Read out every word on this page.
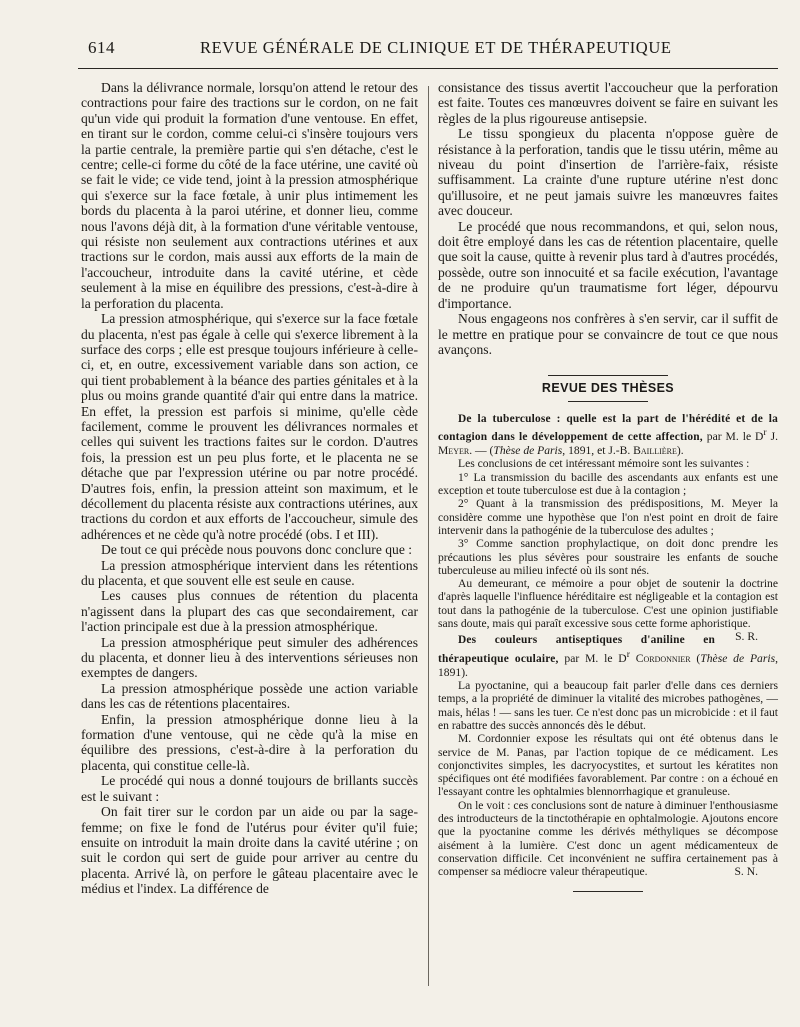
614	REVUE GÉNÉRALE DE CLINIQUE ET DE THÉRAPEUTIQUE

Dans la délivrance normale, lorsqu'on attend le retour des contractions pour faire des tractions sur le cordon, on ne fait qu'un vide qui produit la formation d'une ventouse. En effet, en tirant sur le cordon, comme celui-ci s'insère toujours vers la partie centrale, la première partie qui s'en détache, c'est le centre; celle-ci forme du côté de la face utérine, une cavité où se fait le vide; ce vide tend, joint à la pression atmosphérique qui s'exerce sur la face fœtale, à unir plus intimement les bords du placenta à la paroi utérine, et donner lieu, comme nous l'avons déjà dit, à la formation d'une véritable ventouse, qui résiste non seulement aux contractions utérines et aux tractions sur le cordon, mais aussi aux efforts de la main de l'accoucheur, introduite dans la cavité utérine, et cède seulement à la mise en équilibre des pressions, c'est-à-dire à la perforation du placenta.

La pression atmosphérique, qui s'exerce sur la face fœtale du placenta, n'est pas égale à celle qui s'exerce librement à la surface des corps ; elle est presque toujours inférieure à celle-ci, et, en outre, excessivement variable dans son action, ce qui tient probablement à la béance des parties génitales et à la plus ou moins grande quantité d'air qui entre dans la matrice. En effet, la pression est parfois si minime, qu'elle cède facilement, comme le prouvent les délivrances normales et celles qui suivent les tractions faites sur le cordon. D'autres fois, la pression est un peu plus forte, et le placenta ne se détache que par l'expression utérine ou par notre procédé. D'autres fois, enfin, la pression atteint son maximum, et le décollement du placenta résiste aux contractions utérines, aux tractions du cordon et aux efforts de l'accoucheur, simule des adhérences et ne cède qu'à notre procédé (obs. I et III).

De tout ce qui précède nous pouvons donc conclure que :

La pression atmosphérique intervient dans les rétentions du placenta, et que souvent elle est seule en cause.

Les causes plus connues de rétention du placenta n'agissent dans la plupart des cas que secondairement, car l'action principale est due à la pression atmosphérique.

La pression atmosphérique peut simuler des adhérences du placenta, et donner lieu à des interventions sérieuses non exemptes de dangers.

La pression atmosphérique possède une action variable dans les cas de rétentions placentaires.

Enfin, la pression atmosphérique donne lieu à la formation d'une ventouse, qui ne cède qu'à la mise en équilibre des pressions, c'est-à-dire à la perforation du placenta, qui constitue celle-là.

Le procédé qui nous a donné toujours de brillants succès est le suivant :

On fait tirer sur le cordon par un aide ou par la sage-femme; on fixe le fond de l'utérus pour éviter qu'il fuie; ensuite on introduit la main droite dans la cavité utérine ; on suit le cordon qui sert de guide pour arriver au centre du placenta. Arrivé là, on perfore le gâteau placentaire avec le médius et l'index. La différence de

consistance des tissus avertit l'accoucheur que la perforation est faite. Toutes ces manœuvres doivent se faire en suivant les règles de la plus rigoureuse antisepsie.

Le tissu spongieux du placenta n'oppose guère de résistance à la perforation, tandis que le tissu utérin, même au niveau du point d'insertion de l'arrière-faix, résiste suffisamment. La crainte d'une rupture utérine n'est donc qu'illusoire, et ne peut jamais suivre les manœuvres faites avec douceur.

Le procédé que nous recommandons, et qui, selon nous, doit être employé dans les cas de rétention placentaire, quelle que soit la cause, quitte à revenir plus tard à d'autres procédés, possède, outre son innocuité et sa facile exécution, l'avantage de ne produire qu'un traumatisme fort léger, dépourvu d'importance.

Nous engageons nos confrères à s'en servir, car il suffit de le mettre en pratique pour se convaincre de tout ce que nous avançons.

REVUE DES THÈSES

De la tuberculose : quelle est la part de l'hérédité et de la contagion dans le développement de cette affection, par M. le $D^r$ J. Meyer. — (Thèse de Paris, 1891, et J.-B. Baillière).

Les conclusions de cet intéressant mémoire sont les suivantes :

1° La transmission du bacille des ascendants aux enfants est une exception et toute tuberculose est due à la contagion ;

2° Quant à la transmission des prédispositions, M. Meyer la considère comme une hypothèse que l'on n'est point en droit de faire intervenir dans la pathogénie de la tuberculose des adultes ;

3° Comme sanction prophylactique, on doit donc prendre les précautions les plus sévères pour soustraire les enfants de souche tuberculeuse au milieu infecté où ils sont nés.

Au demeurant, ce mémoire a pour objet de soutenir la doctrine d'après laquelle l'influence héréditaire est négligeable et la contagion est tout dans la pathogénie de la tuberculose. C'est une opinion justifiable sans doute, mais qui paraît excessive sous cette forme aphoristique.
S. R.

Des couleurs antiseptiques d'aniline en thérapeutique oculaire, par M. le $D^r$ Cordonnier (Thèse de Paris, 1891).

La pyoctanine, qui a beaucoup fait parler d'elle dans ces derniers temps, a la propriété de diminuer la vitalité des microbes pathogènes, — mais, hélas ! — sans les tuer. Ce n'est donc pas un microbicide : et il faut en rabattre des succès annoncés dès le début.

M. Cordonnier expose les résultats qui ont été obtenus dans le service de M. Panas, par l'action topique de ce médicament. Les conjonctivites simples, les dacryocystites, et surtout les kératites non spécifiques ont été modifiées favorablement. Par contre : on a échoué en l'essayant contre les ophtalmies blennorrhagique et granuleuse.

On le voit : ces conclusions sont de nature à diminuer l'enthousiasme des introducteurs de la tinctothérapie en ophtalmologie. Ajoutons encore que la pyoctanine comme les dérivés méthyliques se décompose aisément à la lumière. C'est donc un agent médicamenteux de conservation difficile. Cet inconvénient ne suffira certainement pas à compenser sa médiocre valeur thérapeutique.	S. N.
